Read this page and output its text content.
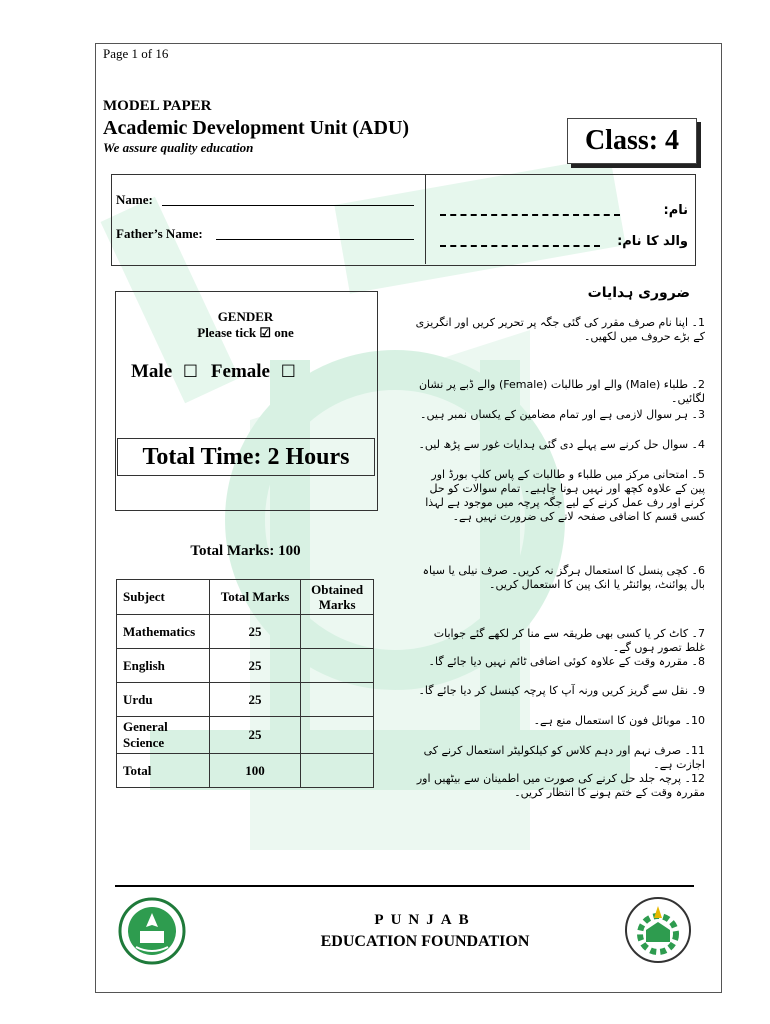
Page 1 of 16
MODEL PAPER
Academic Development Unit (ADU)
We assure quality education	Class: 4
Name:
Father’s Name:
نام:
والد کا نام:
GENDER
Please tick ☑ one
Male ☐ Female ☐
Total Time: 2 Hours
Total Marks: 100
Subject	Total Marks	Obtained Marks
Mathematics	25	
English	25	
Urdu	25	
General Science	25	
Total	100	
ضروری ہدایات
1۔ اپنا نام صرف مقرر کی گئی جگہ پر تحریر کریں اور انگریزی کے بڑے حروف میں لکھیں۔
2۔ طلباء (Male) والے اور طالبات (Female) والے ڈبے پر نشان لگائیں۔
3۔ ہر سوال لازمی ہے اور تمام مضامین کے یکساں نمبر ہیں۔
4۔ سوال حل کرنے سے پہلے دی گئی ہدایات غور سے پڑھ لیں۔
5۔ امتحانی مرکز میں طلباء و طالبات کے پاس کلپ بورڈ اور پین کے علاوہ کچھ اور نہیں ہونا چاہیے۔ تمام سوالات کو حل کرنے اور رف عمل کرنے کے لیے جگہ پرچہ میں موجود ہے لہذا کسی قسم کا اضافی صفحہ لانے کی ضرورت نہیں ہے۔
6۔ کچی پنسل کا استعمال ہرگز نہ کریں۔ صرف نیلی یا سیاہ بال پوائنٹ، پوائنٹر یا انک پین کا استعمال کریں۔
7۔ کاٹ کر یا کسی بھی طریقہ سے منا کر لکھے گئے جوابات غلط تصور ہوں گے۔
8۔ مقررہ وقت کے علاوہ کوئی اضافی ٹائم نہیں دیا جائے گا۔
9۔ نقل سے گریز کریں ورنہ آپ کا پرچہ کینسل کر دیا جائے گا۔
10۔ موبائل فون کا استعمال منع ہے۔
11۔ صرف نہم اور دہم کلاس کو کیلکولیٹر استعمال کرنے کی اجازت ہے۔
12۔ پرچہ جلد حل کرنے کی صورت میں اطمینان سے بیٹھیں اور مقررہ وقت کے ختم ہونے کا انتظار کریں۔
PUNJAB
EDUCATION FOUNDATION
